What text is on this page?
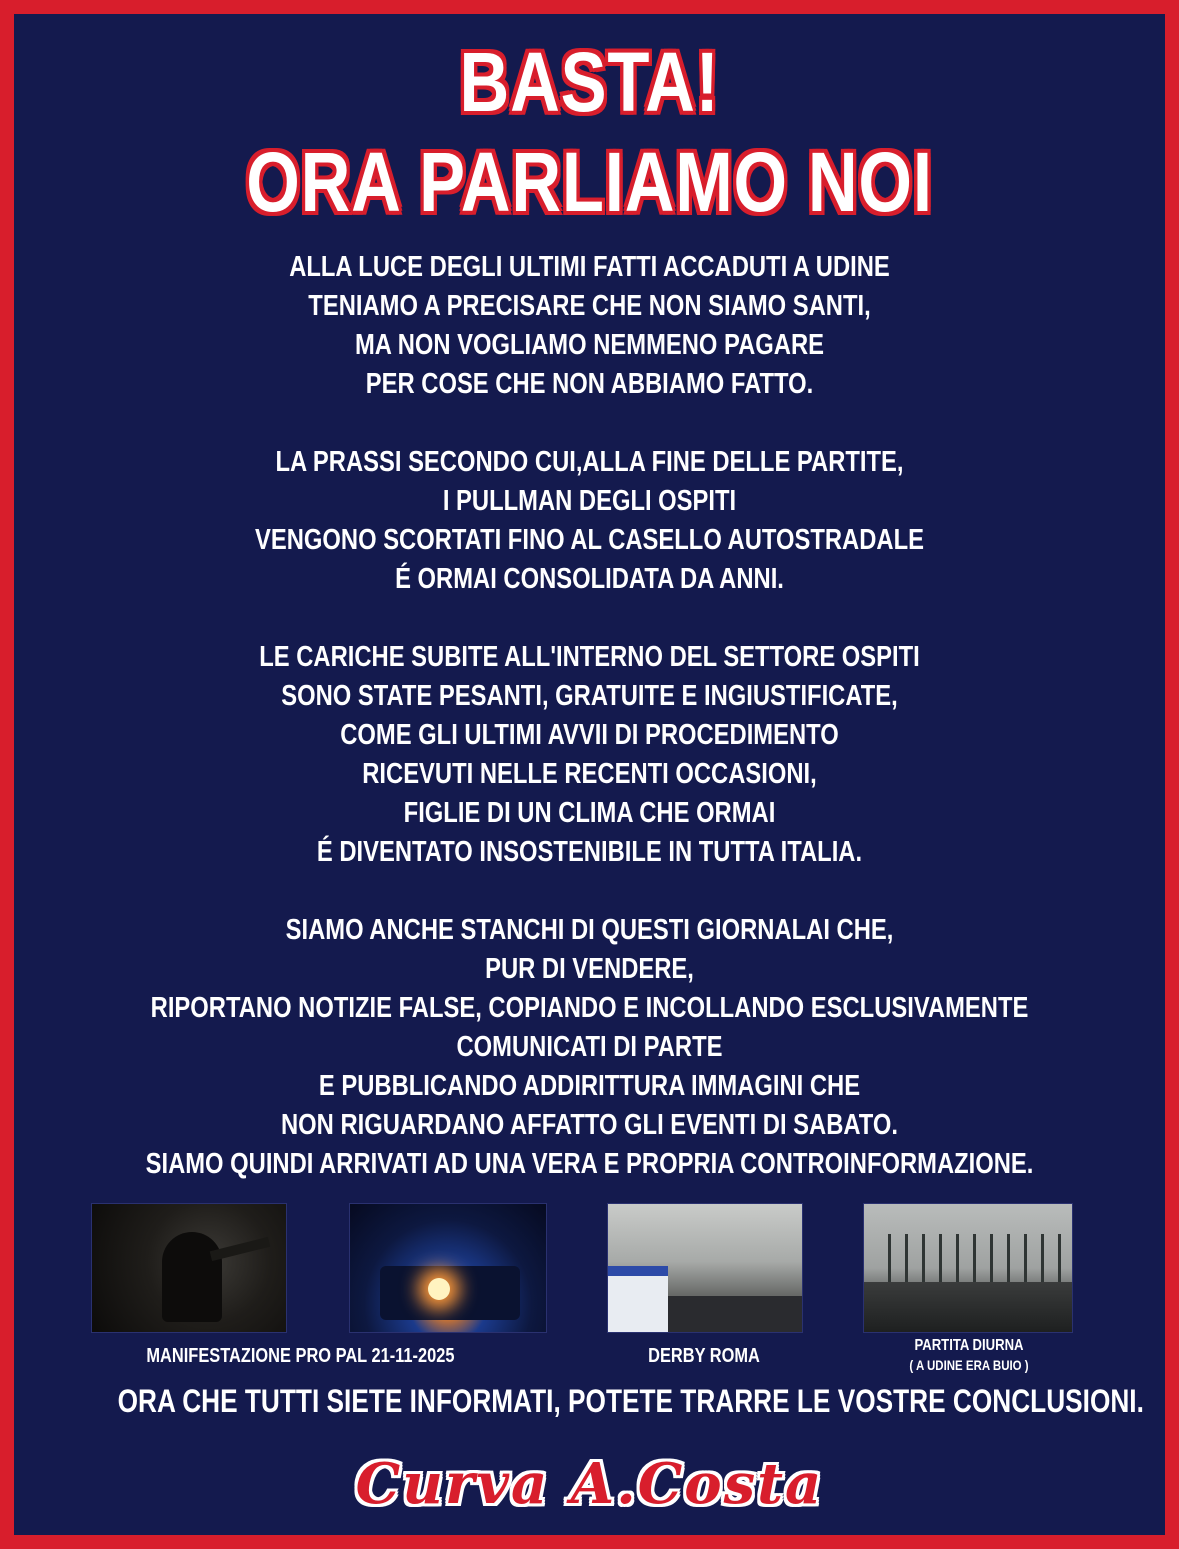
BASTA!
ORA PARLIAMO NOI
ALLA LUCE DEGLI ULTIMI FATTI ACCADUTI A UDINE
TENIAMO A PRECISARE CHE NON SIAMO SANTI,
MA NON VOGLIAMO NEMMENO PAGARE
PER COSE CHE NON ABBIAMO FATTO.
LA PRASSI SECONDO CUI,ALLA FINE DELLE PARTITE,
I PULLMAN DEGLI OSPITI
VENGONO SCORTATI FINO AL CASELLO AUTOSTRADALE
É ORMAI CONSOLIDATA DA ANNI.
LE CARICHE SUBITE ALL'INTERNO DEL SETTORE OSPITI
SONO STATE PESANTI, GRATUITE E INGIUSTIFICATE,
COME GLI ULTIMI AVVII DI PROCEDIMENTO
RICEVUTI NELLE RECENTI OCCASIONI,
FIGLIE DI UN CLIMA CHE ORMAI
É DIVENTATO INSOSTENIBILE IN TUTTA ITALIA.
SIAMO ANCHE STANCHI DI QUESTI GIORNALAI CHE,
PUR DI VENDERE,
RIPORTANO NOTIZIE FALSE, COPIANDO E INCOLLANDO ESCLUSIVAMENTE
COMUNICATI DI PARTE
E PUBBLICANDO ADDIRITTURA IMMAGINI CHE
NON RIGUARDANO AFFATTO GLI EVENTI DI SABATO.
SIAMO QUINDI ARRIVATI AD UNA VERA E PROPRIA CONTROINFORMAZIONE.
MANIFESTAZIONE PRO PAL 21-11-2025	DERBY ROMA	PARTITA DIURNA
( A UDINE ERA BUIO )
ORA CHE TUTTI SIETE INFORMATI, POTETE TRARRE LE VOSTRE CONCLUSIONI.
Curva A.Costa
